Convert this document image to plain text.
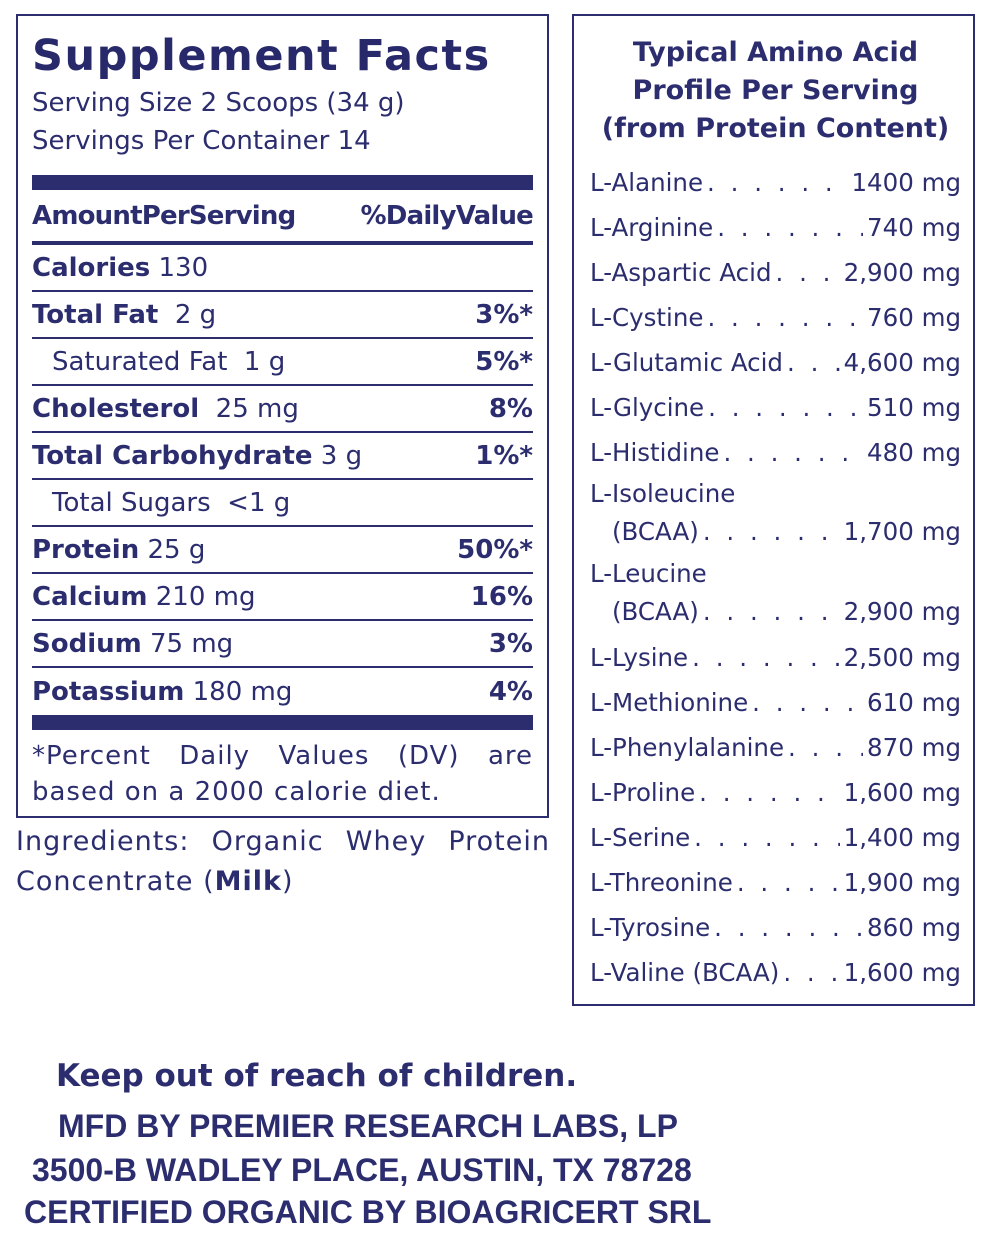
Supplement Facts
Serving Size 2 Scoops (34 g)
Servings Per Container 14
AmountPerServing	%DailyValue
Calories 130
Total Fat 2 g	3%*
Saturated Fat 1 g	5%*
Cholesterol 25 mg	8%
Total Carbohydrate 3 g	1%*
Total Sugars <1 g
Protein 25 g	50%*
Calcium 210 mg	16%
Sodium 75 mg	3%
Potassium 180 mg	4%
*Percent Daily Values (DV) are based on a 2000 calorie diet.
Ingredients: Organic Whey Protein Concentrate (Milk)
Typical Amino Acid
Profile Per Serving
(from Protein Content)
L-Alanine . . .	1400 mg
L-Arginine . . .	740 mg
L-Aspartic Acid . . .	2,900 mg
L-Cystine . . .	760 mg
L-Glutamic Acid . . . 4,600 mg
L-Glycine . . .	510 mg
L-Histidine . . .	480 mg
L-Isoleucine
(BCAA) . . .	1,700 mg
L-Leucine
(BCAA) . . .	2,900 mg
L-Lysine . . .	2,500 mg
L-Methionine . . .	610 mg
L-Phenylalanine . . .	870 mg
L-Proline . . .	1,600 mg
L-Serine . . .	1,400 mg
L-Threonine . . .	1,900 mg
L-Tyrosine . . .	860 mg
L-Valine (BCAA) . . .	1,600 mg
Keep out of reach of children.
MFD BY PREMIER RESEARCH LABS, LP
3500-B WADLEY PLACE, AUSTIN, TX 78728
CERTIFIED ORGANIC BY BIOAGRICERT SRL
